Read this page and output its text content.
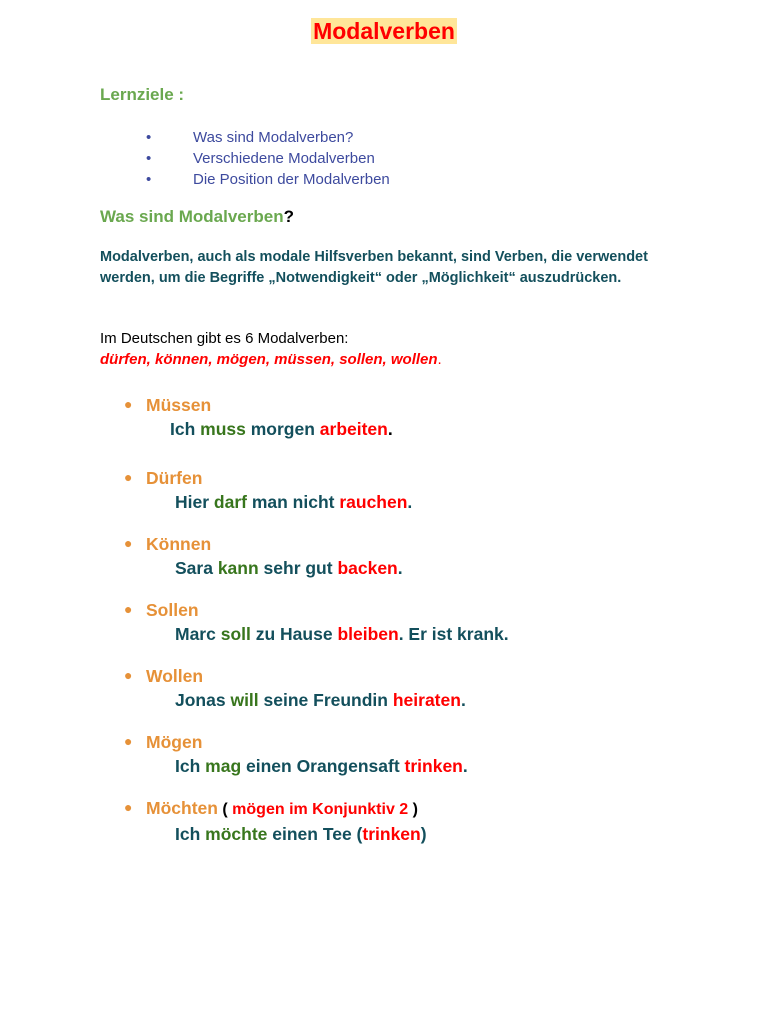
Modalverben
Lernziele :
•	Was sind Modalverben?
•	Verschiedene Modalverben
•	Die Position der Modalverben
Was sind Modalverben?
Modalverben, auch als modale Hilfsverben bekannt, sind Verben, die verwendet werden, um die Begriffe „Notwendigkeit“ oder „Möglichkeit“ auszudrücken.
Im Deutschen gibt es 6 Modalverben:
dürfen, können, mögen, müssen, sollen, wollen.
● Müssen
Ich muss morgen arbeiten.
● Dürfen
Hier darf man nicht rauchen.
● Können
Sara kann sehr gut backen.
● Sollen
Marc soll zu Hause bleiben. Er ist krank.
● Wollen
Jonas will seine Freundin heiraten.
● Mögen
Ich mag einen Orangensaft trinken.
● Möchten ( mögen im Konjunktiv 2 )
Ich möchte einen Tee (trinken)
